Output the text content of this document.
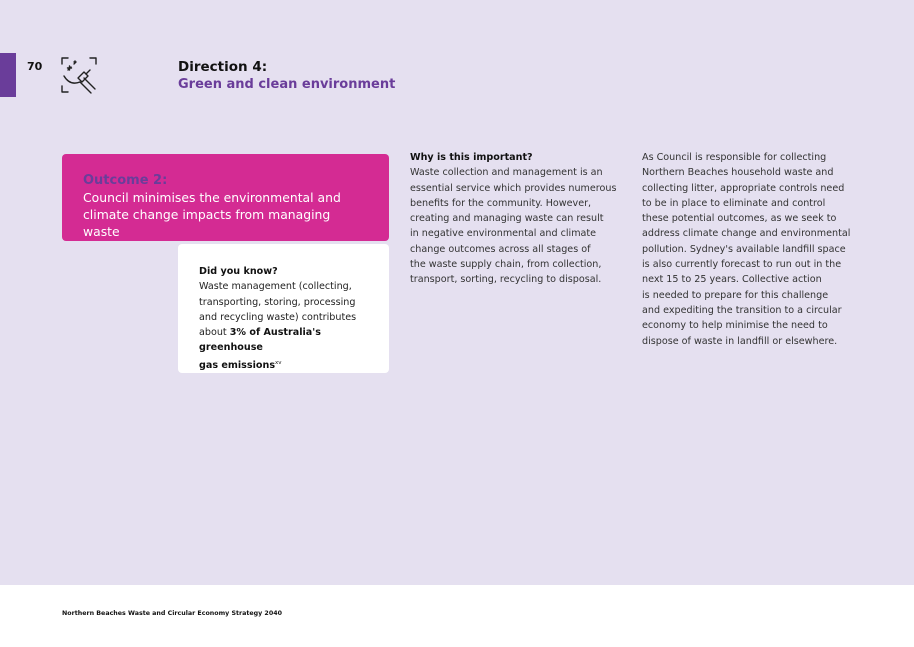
70	Direction 4:
Green and clean environment
Outcome 2:
Council minimises the environmental and
climate change impacts from managing waste
Did you know?
Waste management (collecting,
transporting, storing, processing
and recycling waste) contributes
about 3% of Australia's greenhouse
gas emissions$^{xv}$
Why is this important?

Waste collection and management is an
essential service which provides numerous
benefits for the community. However,
creating and managing waste can result
in negative environmental and climate
change outcomes across all stages of
the waste supply chain, from collection,
transport, sorting, recycling to disposal.

As Council is responsible for collecting
Northern Beaches household waste and
collecting litter, appropriate controls need
to be in place to eliminate and control
these potential outcomes, as we seek to
address climate change and environmental
pollution. Sydney's available landfill space
is also currently forecast to run out in the
next 15 to 25 years. Collective action
is needed to prepare for this challenge
and expediting the transition to a circular
economy to help minimise the need to
dispose of waste in landfill or elsewhere.

Northern Beaches Waste and Circular Economy Strategy 2040
